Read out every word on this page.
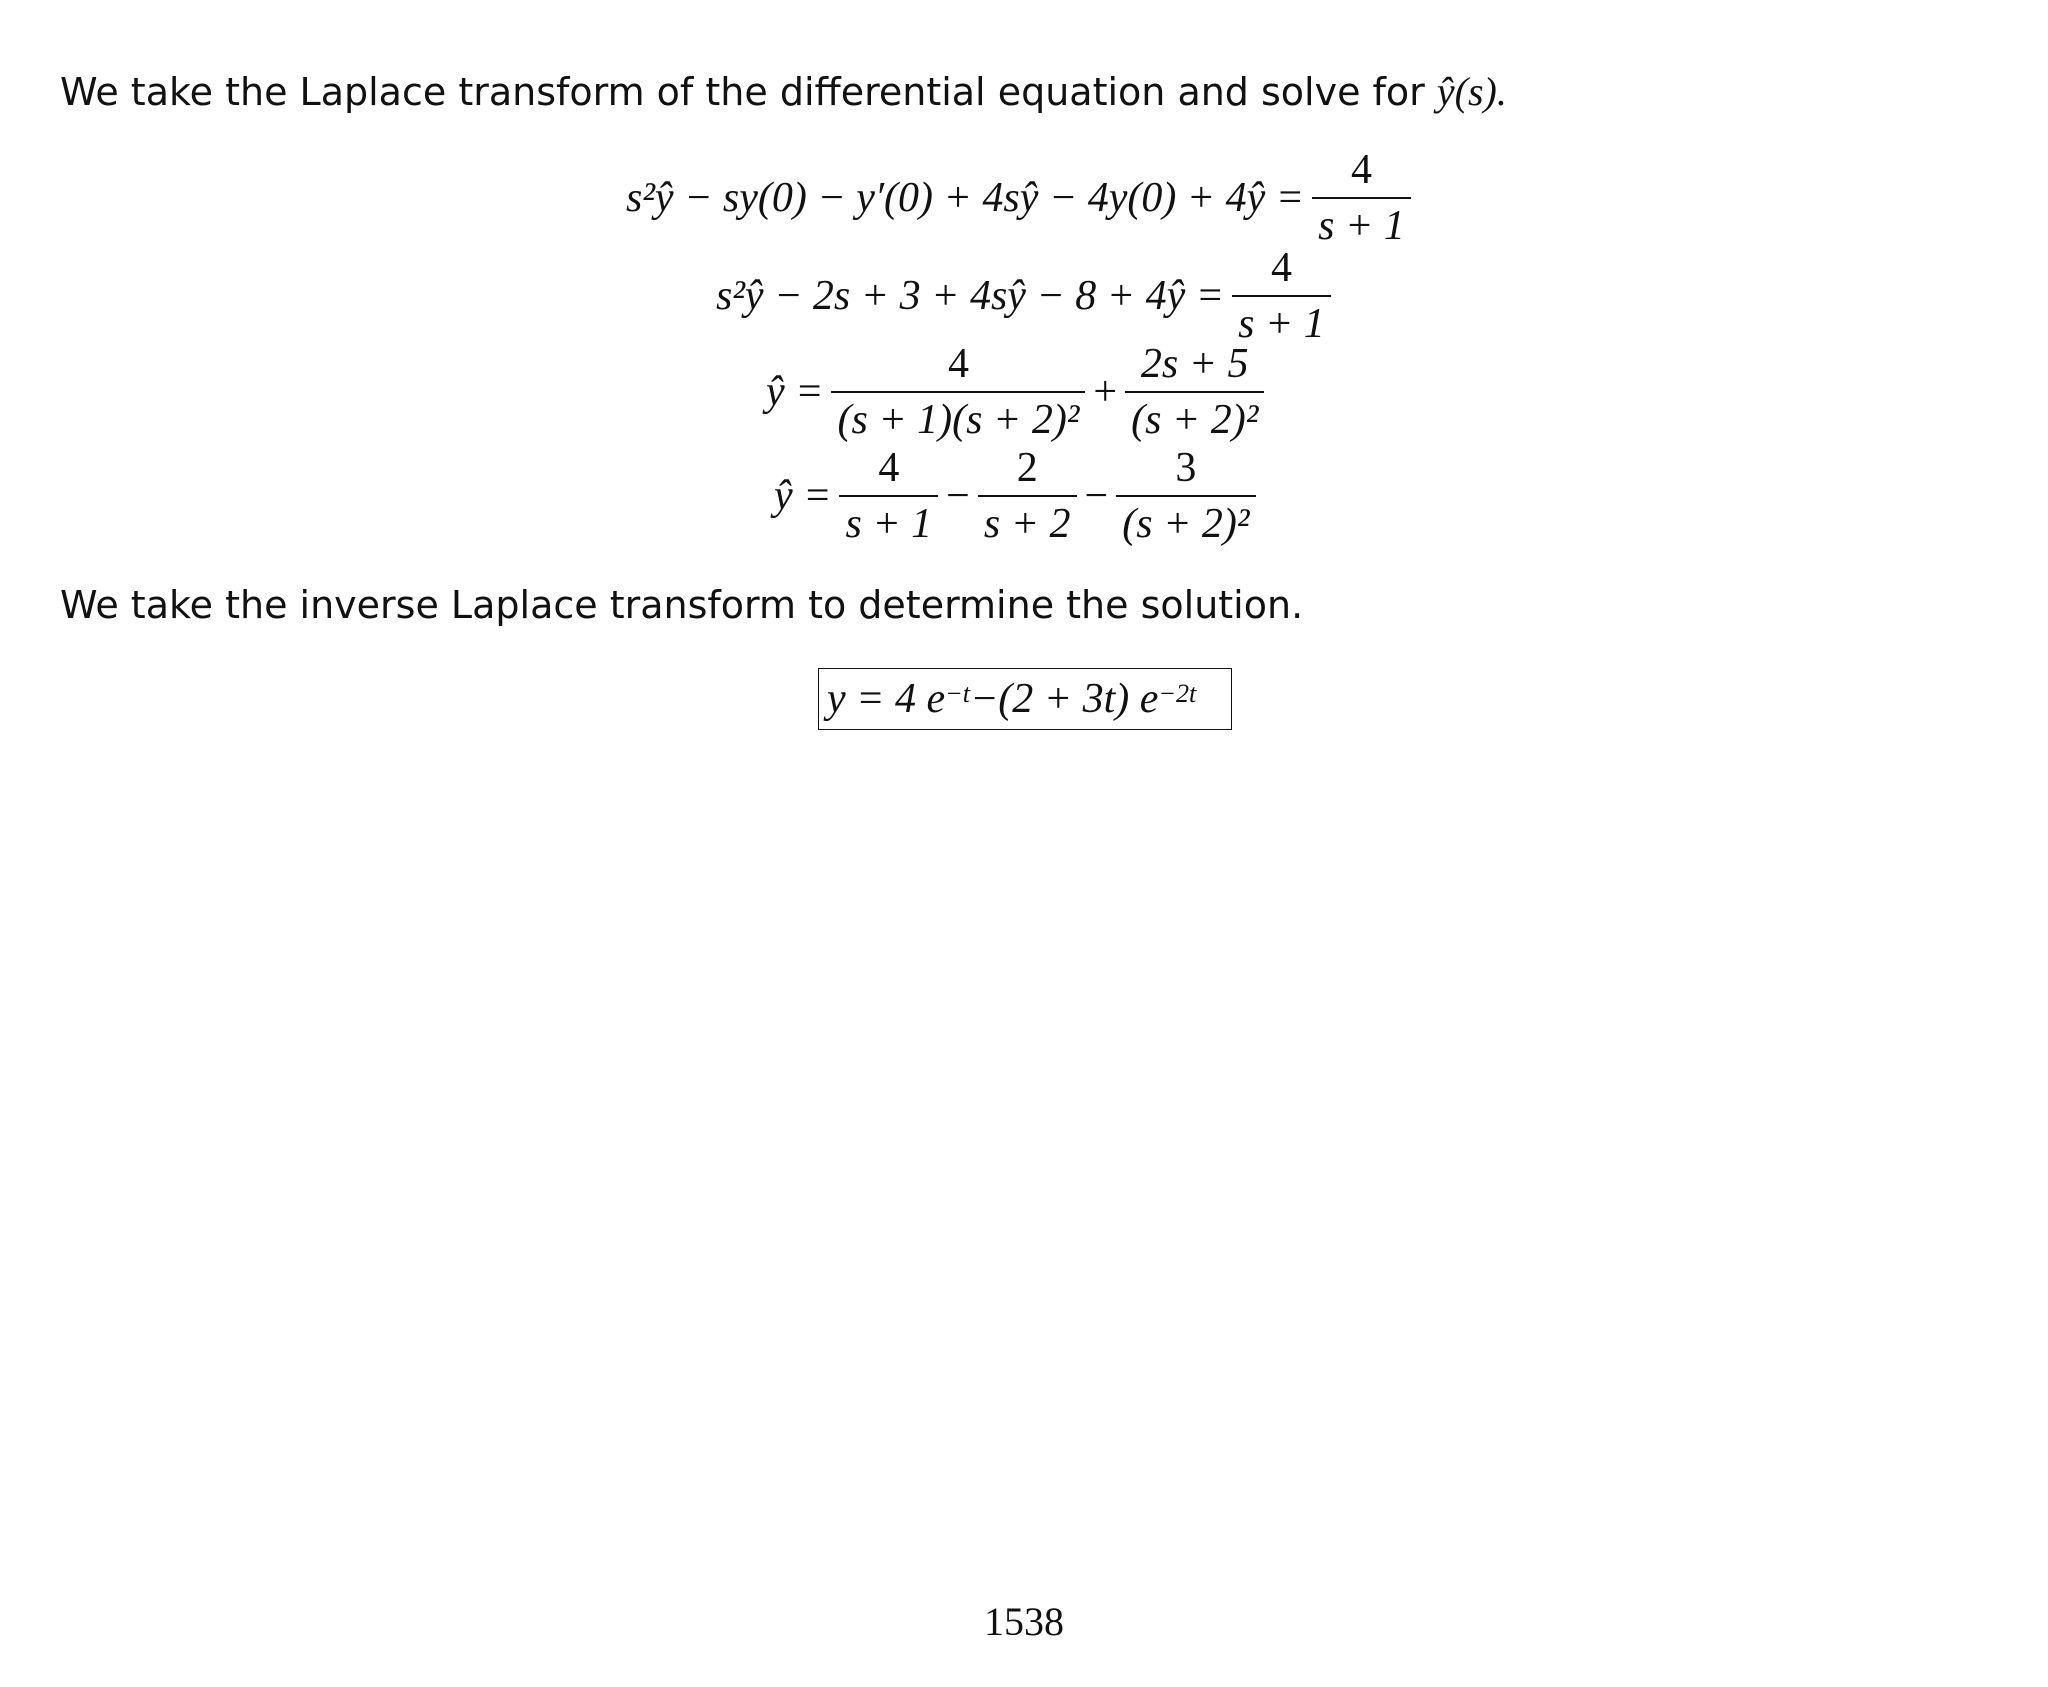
We take the Laplace transform of the differential equation and solve for ŷ(s).
s²ŷ − sy(0) − y′(0) + 4sŷ − 4y(0) + 4ŷ = $\frac{4}{s + 1}$
s²ŷ − 2s + 3 + 4sŷ − 8 + 4ŷ = $\frac{4}{s + 1}$
ŷ = $\frac{4}{\text{(s + 1)(s + 2)²}} + \frac{2s + 5}{\text{(s + 2)²}}$
ŷ = $\frac{4}{s + 1} - \frac{2}{s + 2} - \frac{3}{\text{(s + 2)²}}$
We take the inverse Laplace transform to determine the solution.
y = 4 $e^{-t} -(2 + 3t)$ $e^{-2t}$
1538
